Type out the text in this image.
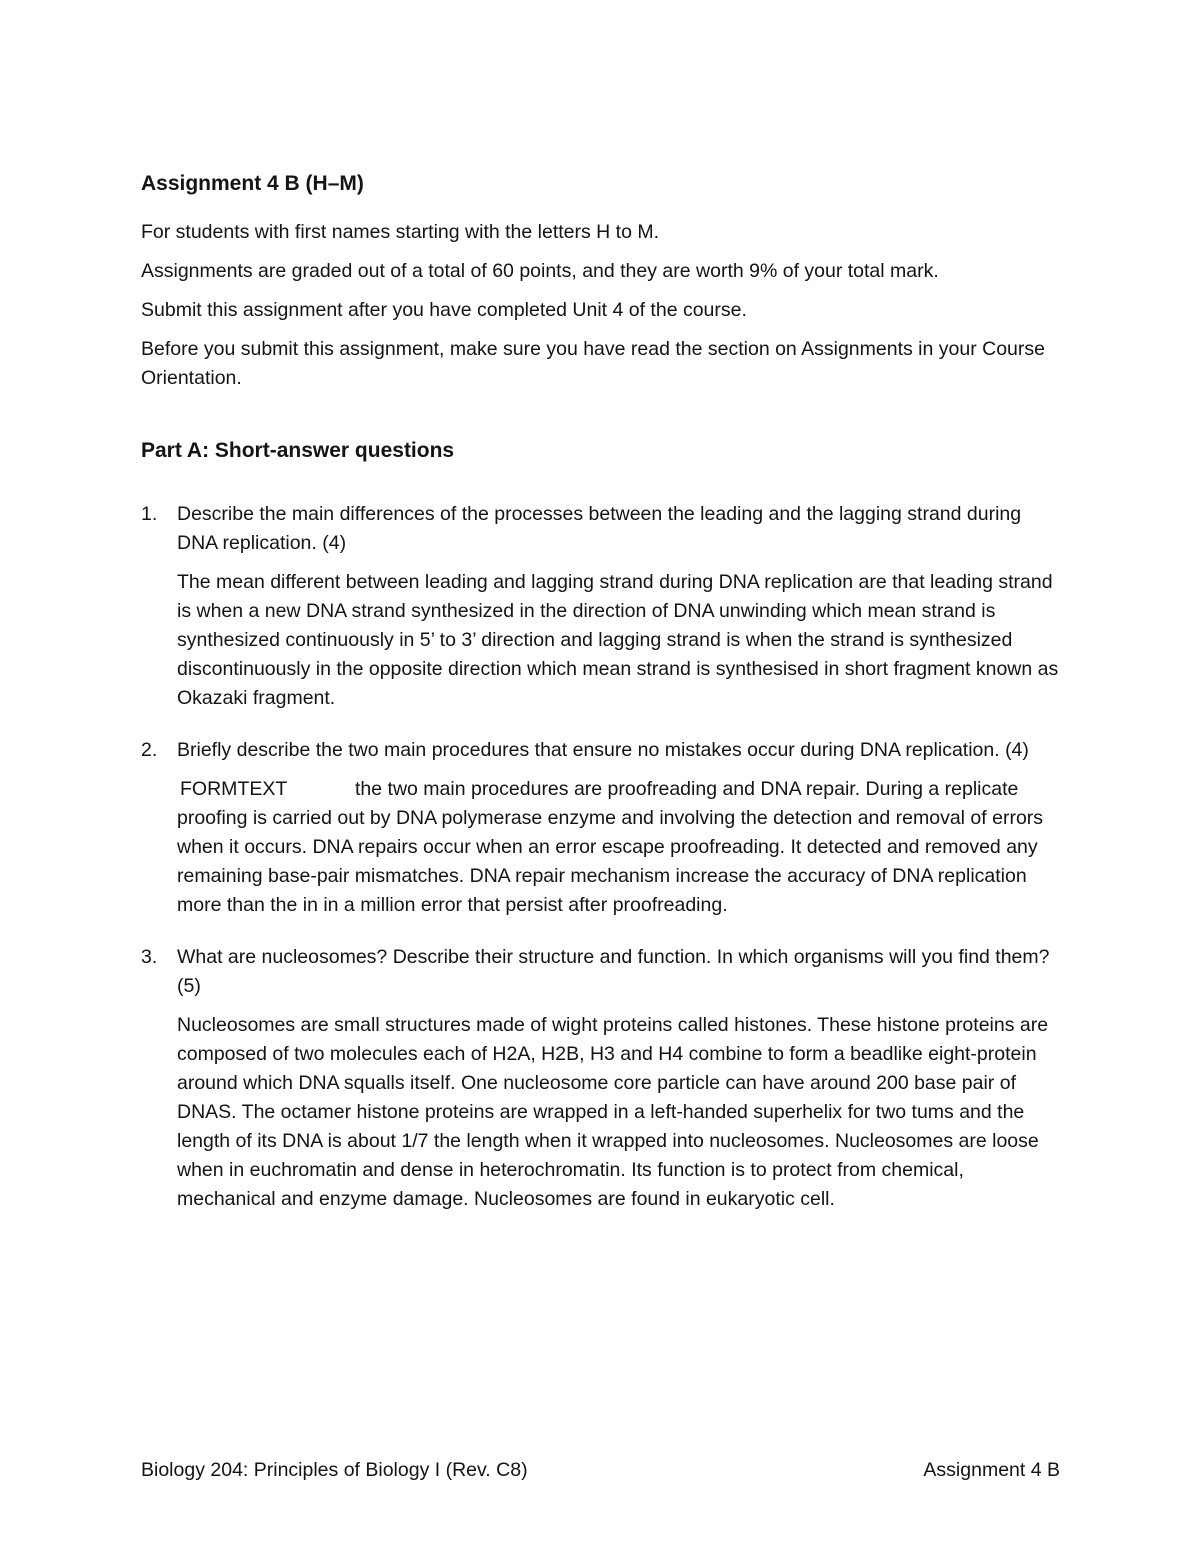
Assignment 4 B (H–M)

For students with first names starting with the letters H to M.

Assignments are graded out of a total of 60 points, and they are worth 9% of your total mark.

Submit this assignment after you have completed Unit 4 of the course.

Before you submit this assignment, make sure you have read the section on Assignments in your Course Orientation.

Part A: Short-answer questions
1. Describe the main differences of the processes between the leading and the lagging strand during DNA replication. (4)

The mean different between leading and lagging strand during DNA replication are that leading strand is when a new DNA strand synthesized in the direction of DNA unwinding which mean strand is synthesized continuously in 5’ to 3’ direction and lagging strand is when the strand is synthesized discontinuously in the opposite direction which mean strand is synthesised in short fragment known as Okazaki fragment.

2. Briefly describe the two main procedures that ensure no mistakes occur during DNA replication. (4)

FORMTEXT	the two main procedures are proofreading and DNA repair. During a replicate proofing is carried out by DNA polymerase enzyme and involving the detection and removal of errors when it occurs. DNA repairs occur when an error escape proofreading. It detected and removed any remaining base-pair mismatches. DNA repair mechanism increase the accuracy of DNA replication more than the in in a million error that persist after proofreading.

3. What are nucleosomes? Describe their structure and function. In which organisms will you find them? (5)

Nucleosomes are small structures made of wight proteins called histones. These histone proteins are composed of two molecules each of H2A, H2B, H3 and H4 combine to form a beadlike eight-protein around which DNA squalls itself. One nucleosome core particle can have around 200 base pair of DNAS. The octamer histone proteins are wrapped in a left-handed superhelix for two tums and the length of its DNA is about 1/7 the length when it wrapped into nucleosomes. Nucleosomes are loose when in euchromatin and dense in heterochromatin. Its function is to protect from chemical, mechanical and enzyme damage. Nucleosomes are found in eukaryotic cell.

Biology 204: Principles of Biology I (Rev. C8)	Assignment 4 B
